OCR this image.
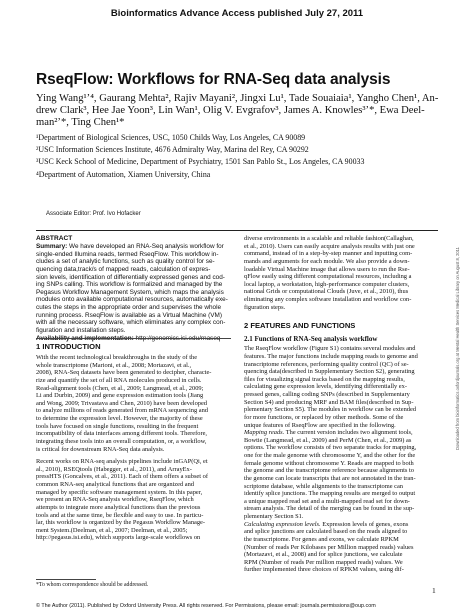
Bioinformatics Advance Access published July 27, 2011
RseqFlow: Workflows for RNA-Seq data analysis
Ying Wang¹ʼ⁴, Gaurang Mehta², Rajiv Mayani², Jingxi Lu¹, Tade Souaiaia¹, Yangho Chen¹, An-
drew Clark³, Hee Jae Yoon³, Lin Wan¹, Olig V. Evgrafov³, James A. Knowles³ʼ*, Ewa Deel-
man²ʼ*, Ting Chen¹*
¹Department of Biological Sciences, USC, 1050 Childs Way, Los Angeles, CA 90089
²USC Information Sciences Institute, 4676 Admiralty Way, Marina del Rey, CA 90292
³USC Keck School of Medicine, Department of Psychiatry, 1501 San Pablo St., Los Angeles, CA 90033
⁴Department of Automation, Xiamen University, China
Associate Editor: Prof. Ivo Hofacker
ABSTRACT
Summary: We have developed an RNA-Seq analysis workflow for
single-ended Illumina reads, termed RseqFlow. This workflow in-
cludes a set of analytic functions, such as quality control for se-
quencing data,track/s of mapped reads, calculation of expres-
sion levels, identification of differentially expressed genes and cod-
ing SNPs calling. This workflow is formalized and managed by the
Pegasus Workflow Management System, which maps the analysis
modules onto available computational resources, automatically exe-
cutes the steps in the appropriate order and supervises the whole
running process. RseqFlow is available as a Virtual Machine (VM)
with all the necessary software, which eliminates any complex con-
figuration and installation steps.
Availability and implementation: http://genomics.isi.edu/rnaseq
1 INTRODUCTION
With the recent technological breakthroughs in the study of the
whole transcriptome (Marioni, et al., 2008; Mortazavi, et al.,
2008), RNA-Seq datasets have been generated to decipher, characte-
rize and quantify the set of all RNA molecules produced in cells.
Read-alignment tools (Chen, et al., 2009; Langmead, et al., 2009;
Li and Durbin, 2009) and gene expression estimation tools (Jiang
and Wong, 2009; Trivastava and Chen, 2010) have been developed
to analyze millions of reads generated from mRNA sequencing and
to determine the expression level. However, the majority of these
tools have focused on single functions, resulting in the frequent
incompatibility of data interfaces among different tools. Therefore,
integrating these tools into an overall computation, or, a workflow,
is critical for downstream RNA-Seq data analysis.
Recent works on RNA-seq analysis pipelines include inGAP(Qi, et
al., 2010), RSEQtools (Habegger, et al., 2011), and ArrayEx-
pressHTS (Goncalves, et al., 2011). Each of them offers a subset of
common RNA-seq analytical functions that are organized and
managed by specific software management system. In this paper,
we present an RNA-Seq analysis workflow, RseqFlow, which
attempts to integrate more analytical functions than the previous
tools and at the same time, be flexible and easy to use. In particu-
lar, this workflow is organized by the Pegasus Workflow Manage-
ment System.(Deelman, et al., 2007; Deelman, et al., 2005;
http://pegasus.isi.edu), which supports large-scale workflows on
*To whom correspondence should be addressed.
diverse environments in a scalable and reliable fashion(Callaghan,
et al., 2010). Users can easily acquire analysis results with just one
command, instead of in a step-by-step manner and inputting com-
mands and arguments for each module. We also provide a down-
loadable Virtual Machine image that allows users to run the Rse-
qFlow easily using different computational resources, including a
local laptop, a workstation, high-performance computer clusters,
national Grids or computational Clouds (Juve, et al., 2010), thus
eliminating any complex software installation and workflow con-
figuration steps.
2 FEATURES AND FUNCTIONS
2.1 Functions of RNA-Seq analysis workflow
The RseqFlow workflow (Figure S1) contains several modules and
features. The major functions include mapping reads to genome and
transcriptome references, performing quality control (QC) of se-
quencing data(described in Supplementary Section S2), generating
files for visualizing signal tracks based on the mapping results,
calculating gene expression levels, identifying differentially ex-
pressed genes, calling coding SNPs (described in Supplementary
Section S4) and producing MRF and BAM files(described in Sup-
plementary Section S5). The modules in workflow can be extended
for more functions, or replaced by other methods. Some of the
unique features of RseqFlow are specified in the following.
Mapping reads. The current version includes two alignment tools,
Bowtie (Langmead, et al., 2009) and PerM (Chen, et al., 2009) as
options. The workflow consists of two separate tracks for mapping,
one for the male genome with chromosome Y, and the other for the
female genome without chromosome Y. Reads are mapped to both
the genome and the transcriptome reference because alignments to
the genome can locate transcripts that are not annotated in the tran-
scriptome database, while alignments to the transcriptome can
identify splice junctions. The mapping results are merged to output
a unique mapped read set and a multi-mapped read set for down-
stream analysis. The detail of the merging can be found in the sup-
plementary Section S1.
Calculating expression levels. Expression levels of genes, exons
and splice junctions are calculated based on the reads aligned to
the transcriptome. For genes and exons, we calculate RPKM
(Number of reads Per Kilobases per Million mapped reads) values
(Mortazavi, et al., 2008) and for splice junctions, we calculate
RPM (Number of reads Per million mapped reads) values. We
further implemented three choices of RPKM values, using dif-
1
© The Author (2011). Published by Oxford University Press. All rights reserved. For Permissions, please email: journals.permissions@oup.com
Downloaded from bioinformatics.oxfordjournals.org at Mental Health Services Medical Library on August 8, 2011
